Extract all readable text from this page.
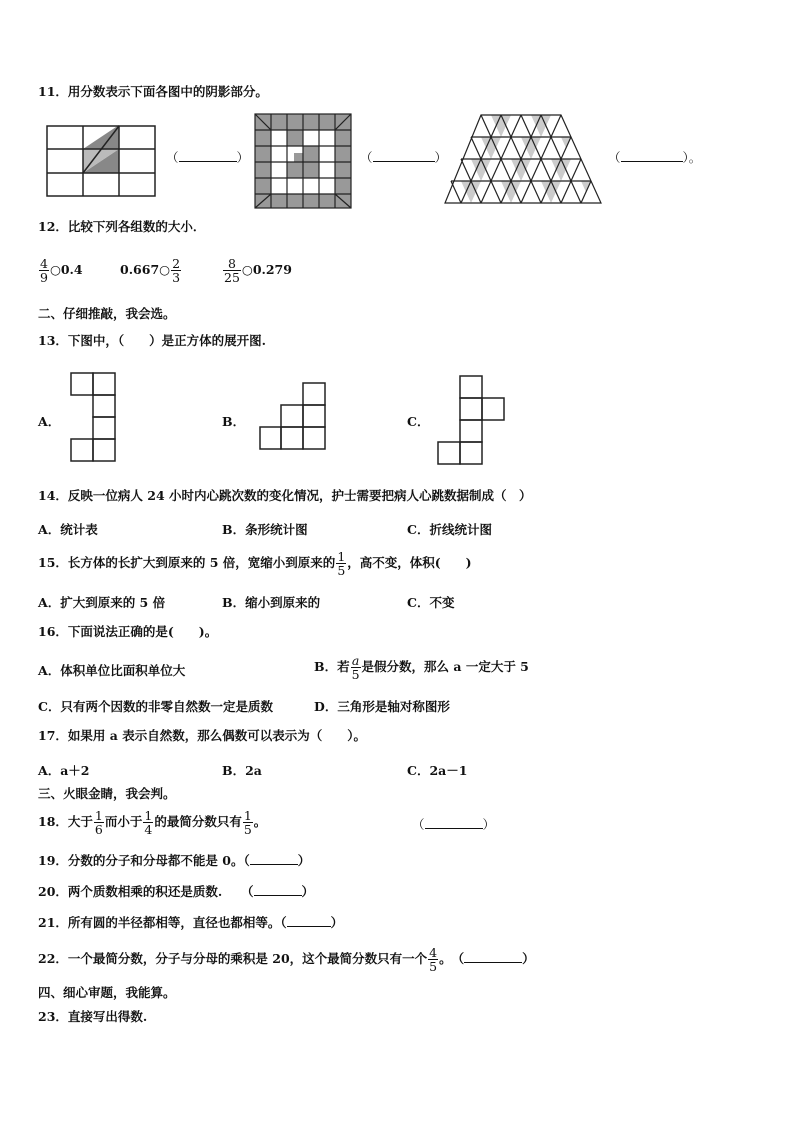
11．用分数表示下面各图中的阴影部分。
（	）	（	）	（	）。
12．比较下列各组数的大小．
$\frac{4}{9}$ ○0.4	0.667○ $\frac{2}{3}$	$\frac{8}{25}$ ○0.279
二、仔细推敲，我会选。
13．下图中，（　　）是正方体的展开图.
A．	B．	C．
14．反映一位病人 24 小时内心跳次数的变化情况，护士需要把病人心跳数据制成（　）
A．统计表	B．条形统计图	C．折线统计图
15．长方体的长扩大到原来的 5 倍，宽缩小到原来的 $\frac{1}{5}$ ，高不变，体积(　　)
A．扩大到原来的 5 倍	B．缩小到原来的	C．不变
16．下面说法正确的是(　　)。
A．体积单位比面积单位大	B．若 $\frac{a}{5}$ 是假分数，那么 a 一定大于 5
C．只有两个因数的非零自然数一定是质数	D．三角形是轴对称图形
17．如果用 a 表示自然数，那么偶数可以表示为（　　）。
A．a＋2	B．2a	C．2a－1
三、火眼金睛，我会判。
18．大于 $\frac{1}{6}$ 而小于 $\frac{1}{4}$ 的最简分数只有 $\frac{1}{5}$ 。	（	）
19．分数的分子和分母都不能是 0。（	）
20．两个质数相乘的积还是质数.　　（	）
21．所有圆的半径都相等，直径也都相等。（	）
22．一个最简分数，分子与分母的乘积是 20，这个最简分数只有一个 $\frac{4}{5}$ 。　（	）
四、细心审题，我能算。
23．直接写出得数.
